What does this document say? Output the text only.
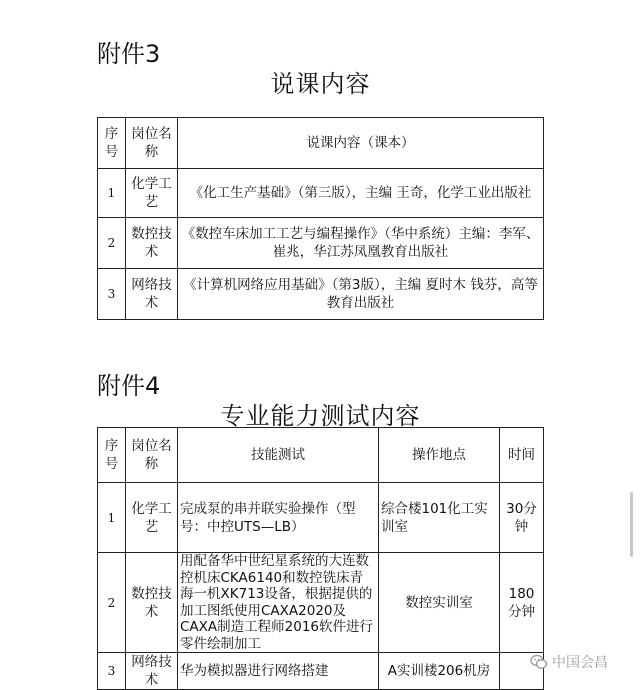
附件3
说课内容
序号	岗位名称	说课内容（课本）
1	化学工艺	《化工生产基础》（第三版），主编 王奇，化学工业出版社
2	数控技术	《数控车床加工工艺与编程操作》（华中系统）主编：李军、崔兆，华江苏凤凰教育出版社
3	网络技术	《计算机网络应用基础》（第3版），主编 夏时木 钱芬，高等教育出版社
附件4
专业能力测试内容
序号	岗位名称	技能测试	操作地点	时间
1	化学工艺	完成泵的串并联实验操作（型号：中控UTS—LB）	综合楼101化工实训室	30分钟
2	数控技术	用配备华中世纪星系统的大连数控机床CKA6140和数控铣床青海一机XK713设备，根据提供的加工图纸使用CAXA2020及CAXA制造工程师2016软件进行零件绘制加工	数控实训室	180分钟
3	网络技术	华为模拟器进行网络搭建	A实训楼206机房		中国会昌
